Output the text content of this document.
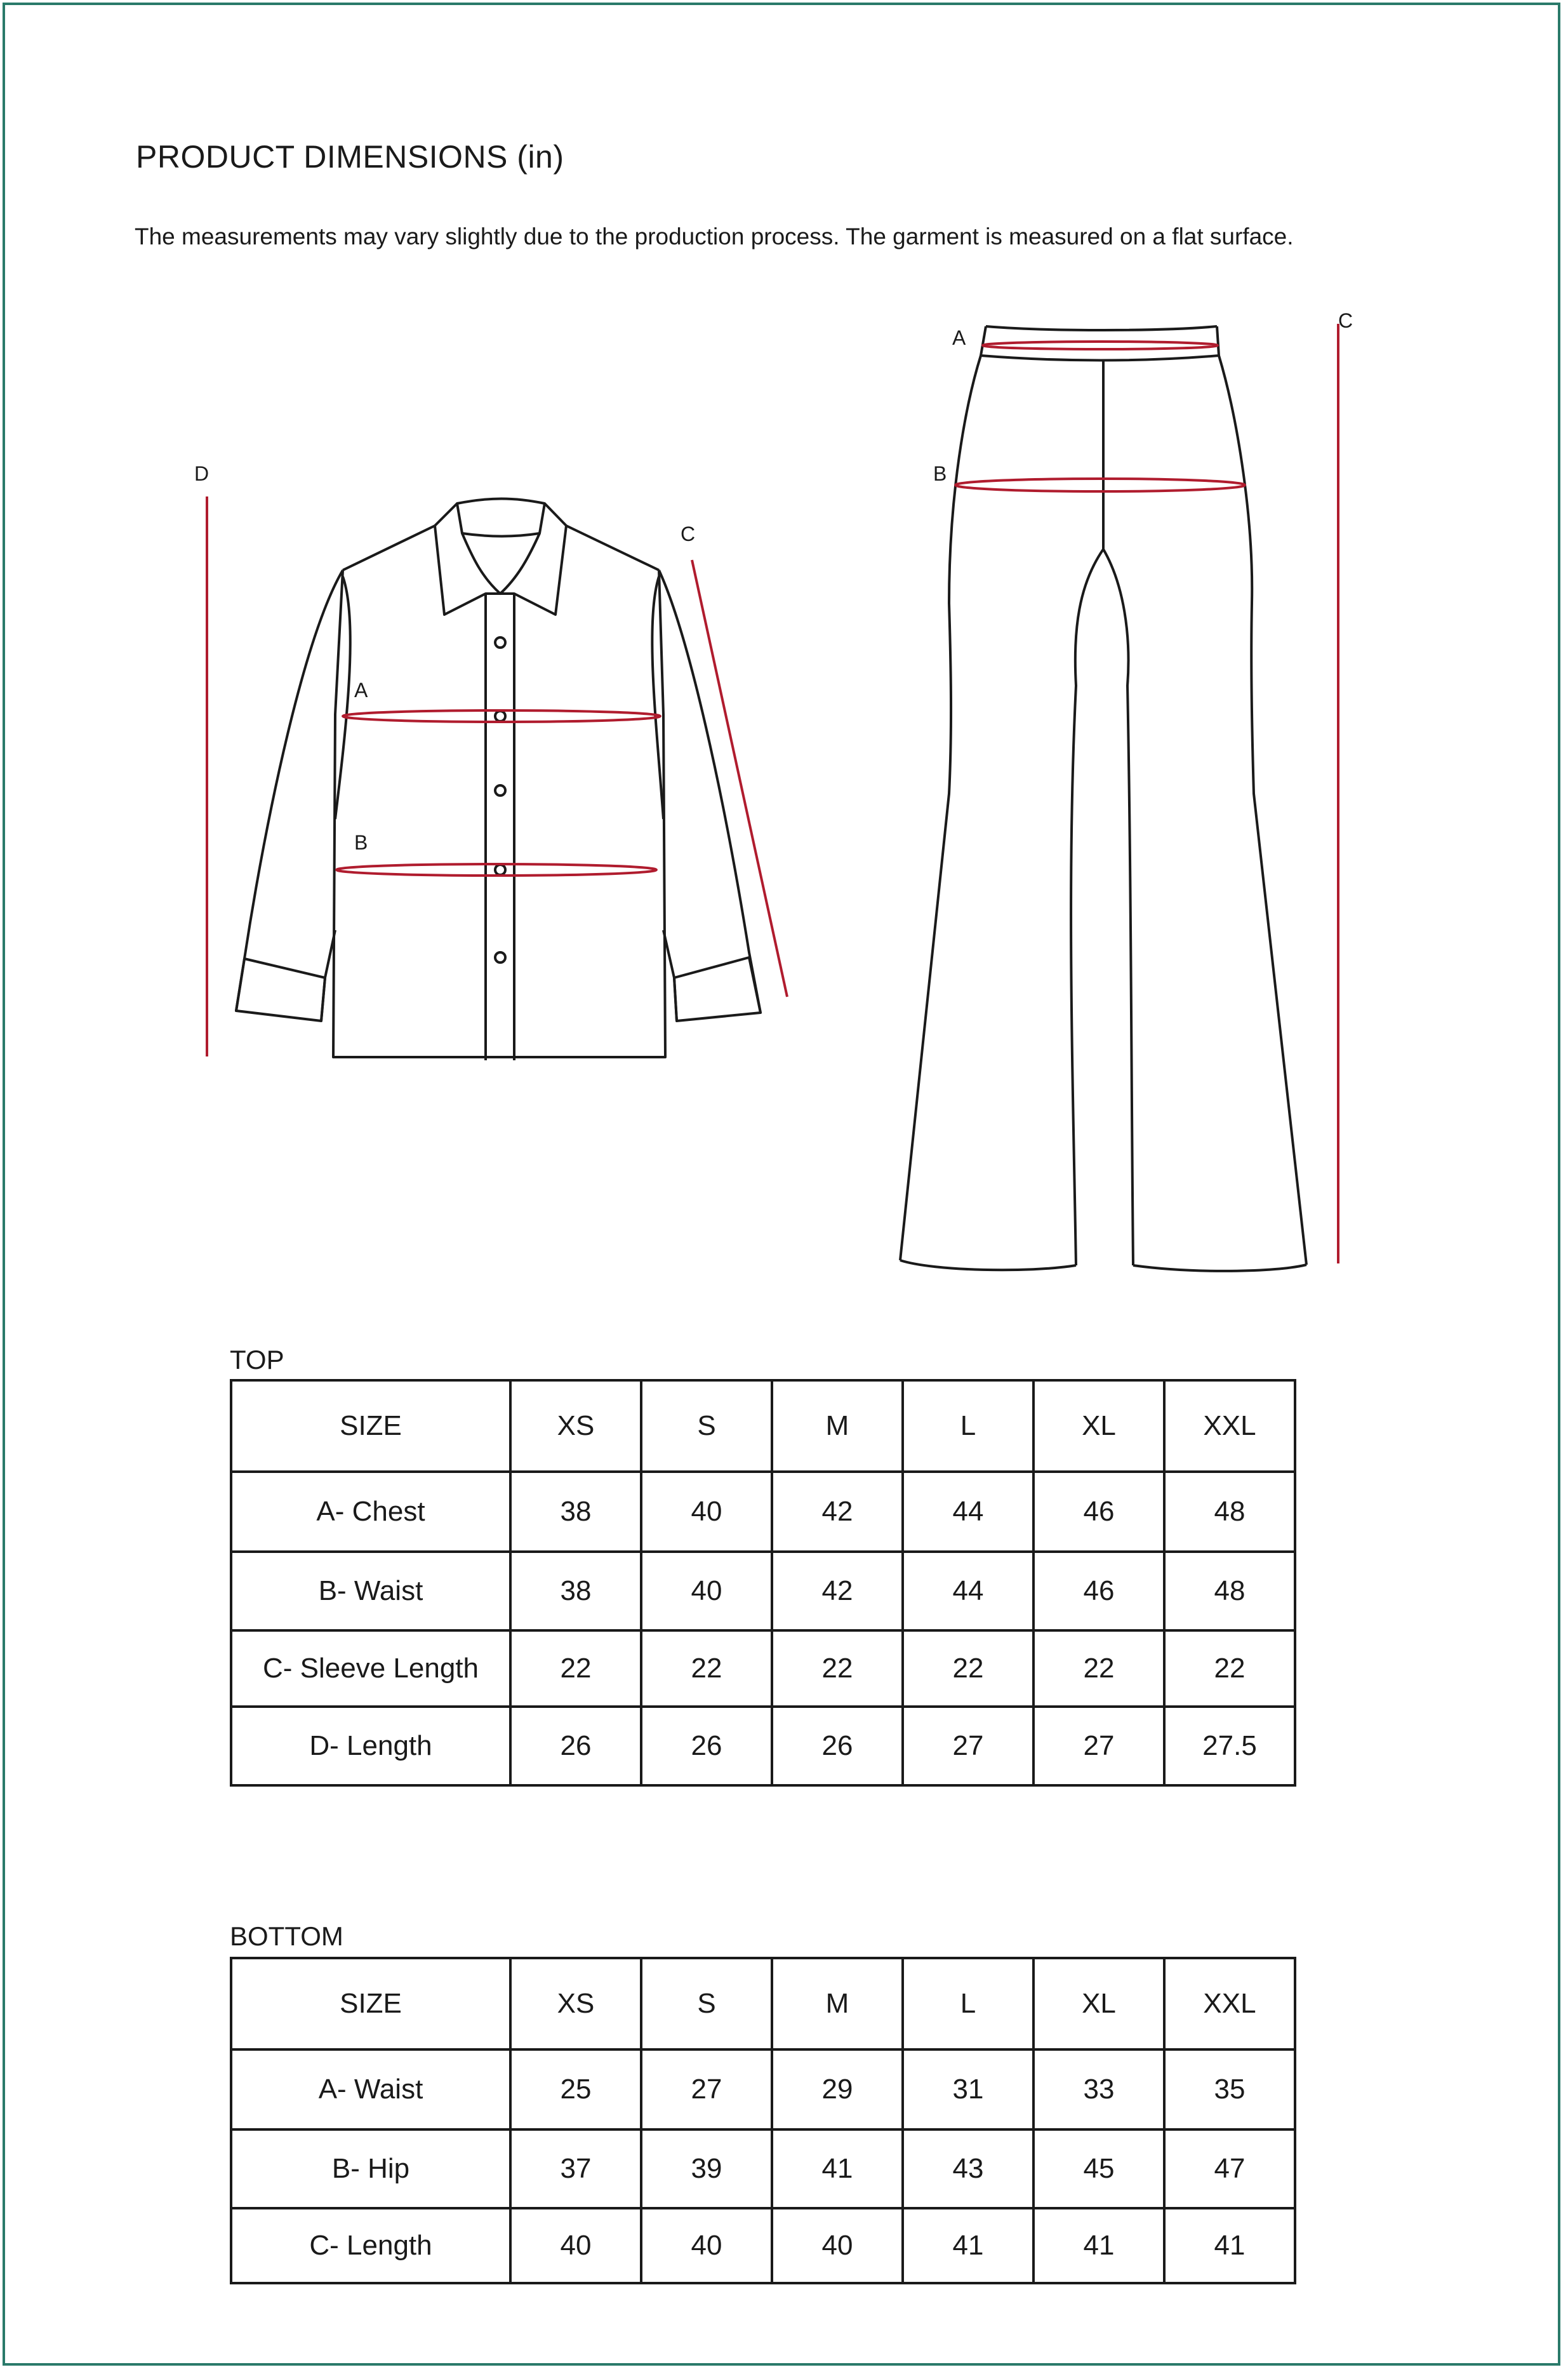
PRODUCT DIMENSIONS (in)
The measurements may vary slightly due to the production process. The garment is measured on a flat surface.
D
A
B
C
A
B
C
TOP
SIZE	XS	S	M	L	XL	XXL
A- Chest	38	40	42	44	46	48
B- Waist	38	40	42	44	46	48
C- Sleeve Length	22	22	22	22	22	22
D- Length	26	26	26	27	27	27.5
BOTTOM
SIZE	XS	S	M	L	XL	XXL
A- Waist	25	27	29	31	33	35
B- Hip	37	39	41	43	45	47
C- Length	40	40	40	41	41	41
